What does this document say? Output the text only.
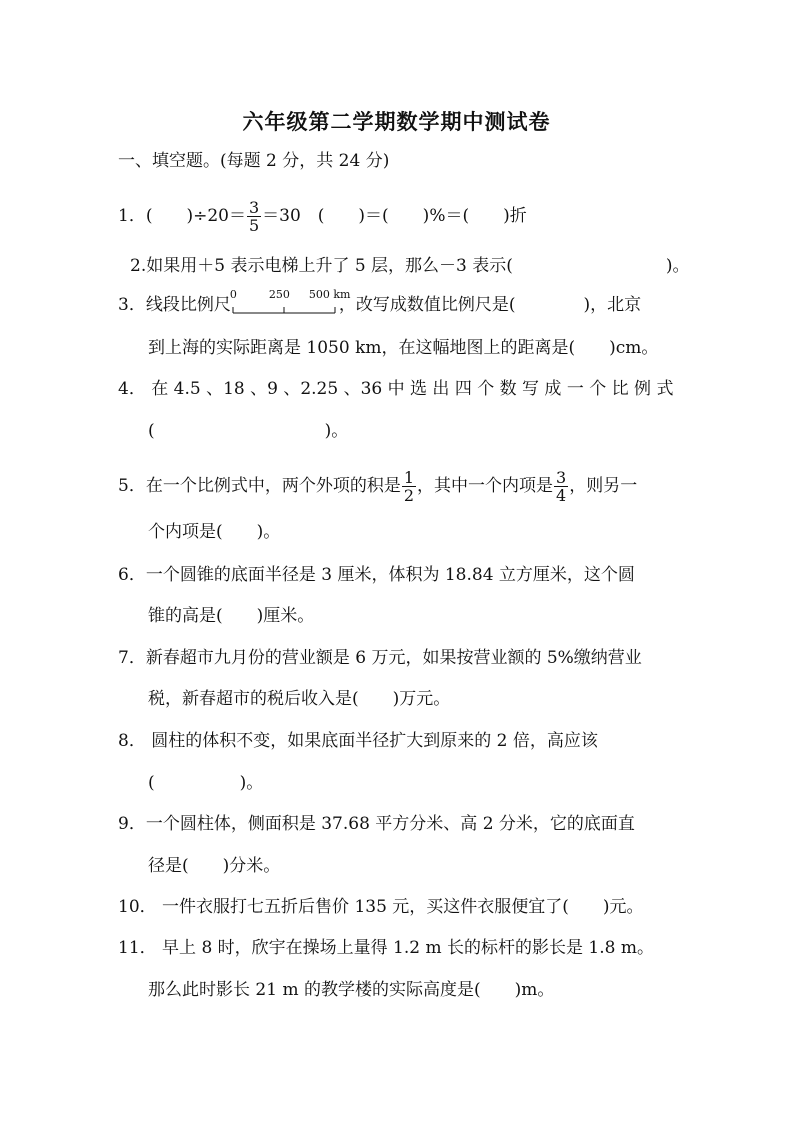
六年级第二学期数学期中测试卷
一、填空题。(每题 2 分，共 24 分)
1．(　　)$\div 20= \frac{3}{5} =30$　(　　)＝(　　)%＝(　　)折
2.如果用＋5 表示电梯上升了 5 层，那么－3 表示(　　　　　　　　　)。
3．线段比例尺
0	250 500 km
，改写成数值比例尺是(　　　　)，北京
到上海的实际距离是 1050 km，在这幅地图上的距离是(　　)cm。
4． 在 4.5 、18 、9 、2.25 、36 中 选 出 四 个 数 写 成 一 个 比 例 式
(　　　　　　　　　　)。
5．在一个比例式中，两个外项的积是 $\frac{1}{2}$ ，其中一个内项是 $\frac{3}{4}$ ，则另一
个内项是(　　)。
6．一个圆锥的底面半径是 3 厘米，体积为 18.84 立方厘米，这个圆
锥的高是(　　)厘米。
7．新春超市九月份的营业额是 6 万元，如果按营业额的 5%缴纳营业
税，新春超市的税后收入是(　　)万元。
8． 圆柱的体积不变，如果底面半径扩大到原来的 2 倍，高应该
(　　　　　)。
9．一个圆柱体，侧面积是 37.68 平方分米、高 2 分米，它的底面直
径是(　　)分米。
10． 一件衣服打七五折后售价 135 元，买这件衣服便宜了(　　)元。
11． 早上 8 时，欣宇在操场上量得 1.2 m 长的标杆的影长是 1.8 m。
那么此时影长 21 m 的教学楼的实际高度是(　　)m。
